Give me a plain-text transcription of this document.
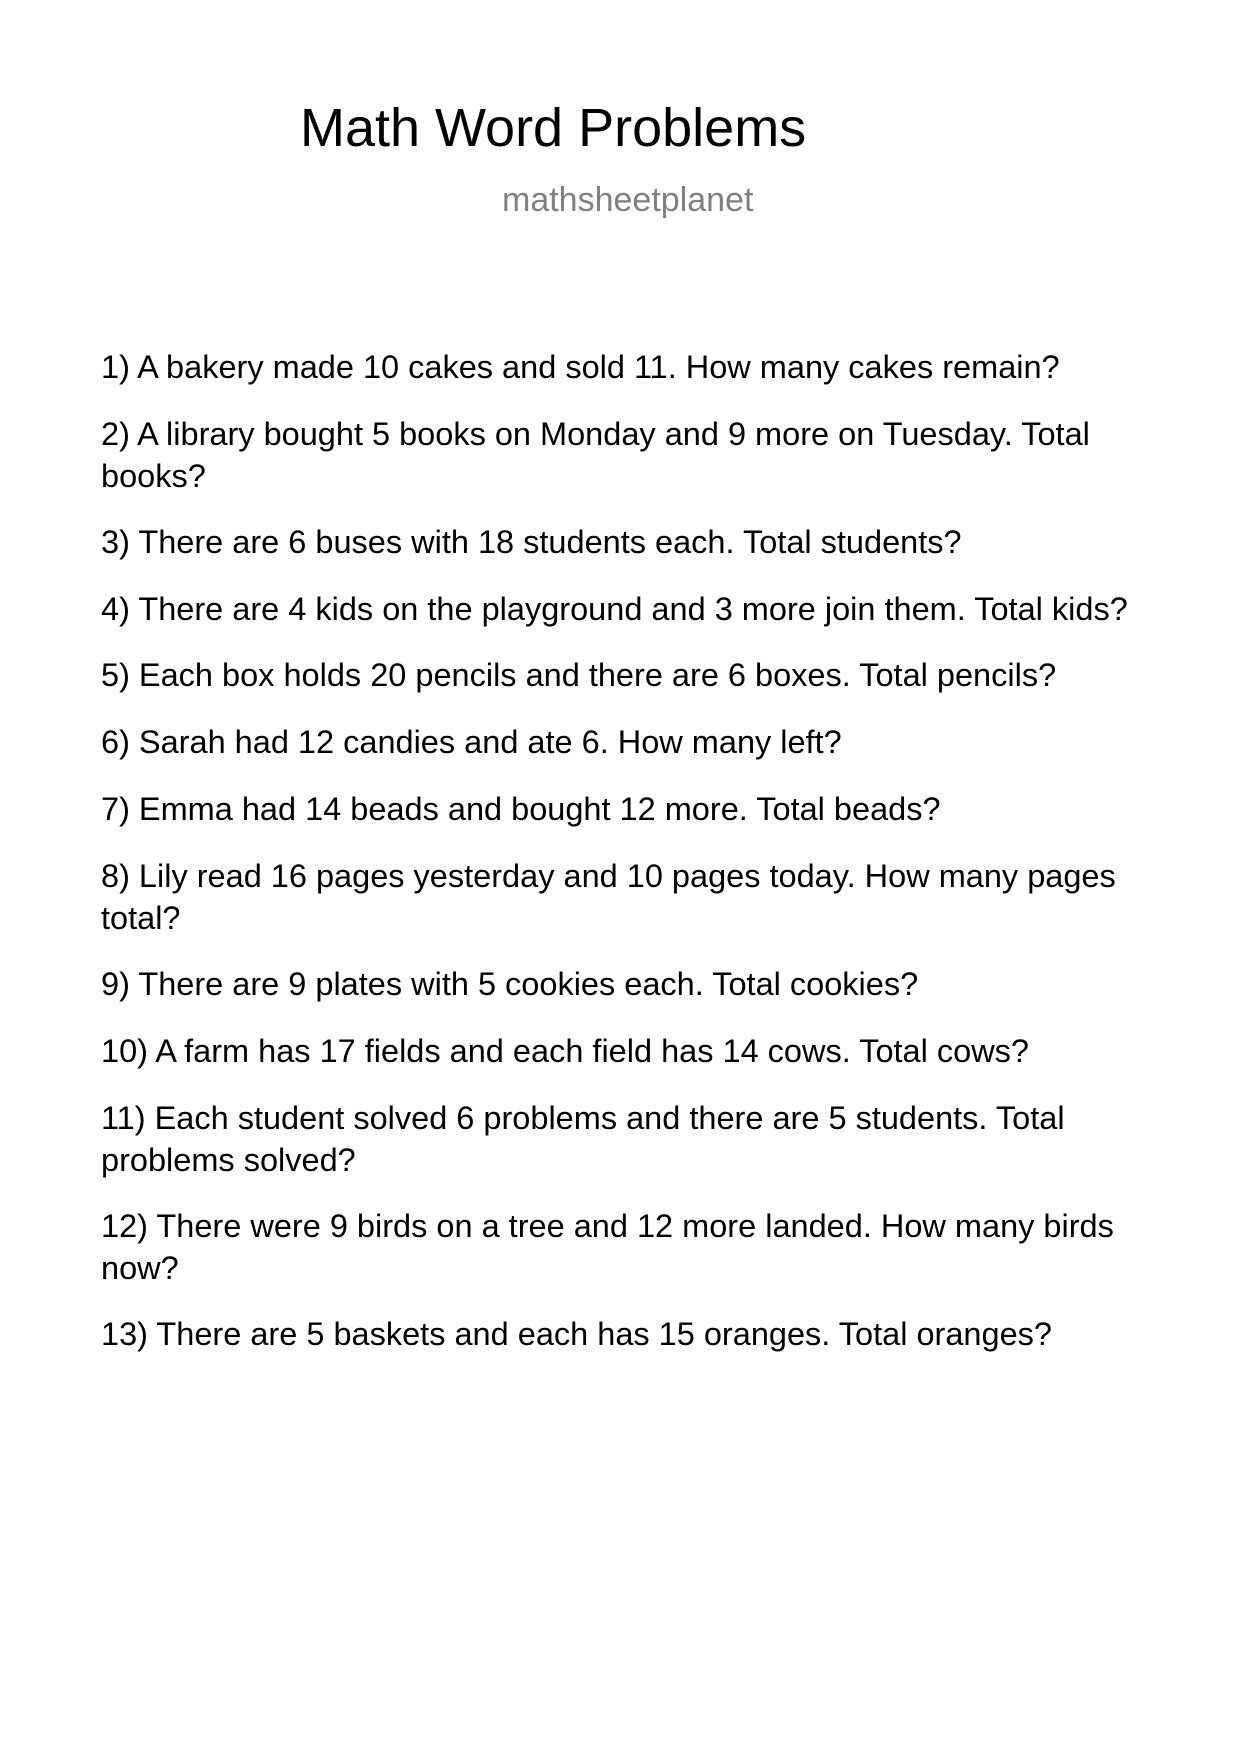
Math Word Problems
mathsheetplanet
1) A bakery made 10 cakes and sold 11. How many cakes remain?
2) A library bought 5 books on Monday and 9 more on Tuesday. Total books?
3) There are 6 buses with 18 students each. Total students?
4) There are 4 kids on the playground and 3 more join them. Total kids?
5) Each box holds 20 pencils and there are 6 boxes. Total pencils?
6) Sarah had 12 candies and ate 6. How many left?
7) Emma had 14 beads and bought 12 more. Total beads?
8) Lily read 16 pages yesterday and 10 pages today. How many pages total?
9) There are 9 plates with 5 cookies each. Total cookies?
10) A farm has 17 fields and each field has 14 cows. Total cows?
11) Each student solved 6 problems and there are 5 students. Total problems solved?
12) There were 9 birds on a tree and 12 more landed. How many birds now?
13) There are 5 baskets and each has 15 oranges. Total oranges?
